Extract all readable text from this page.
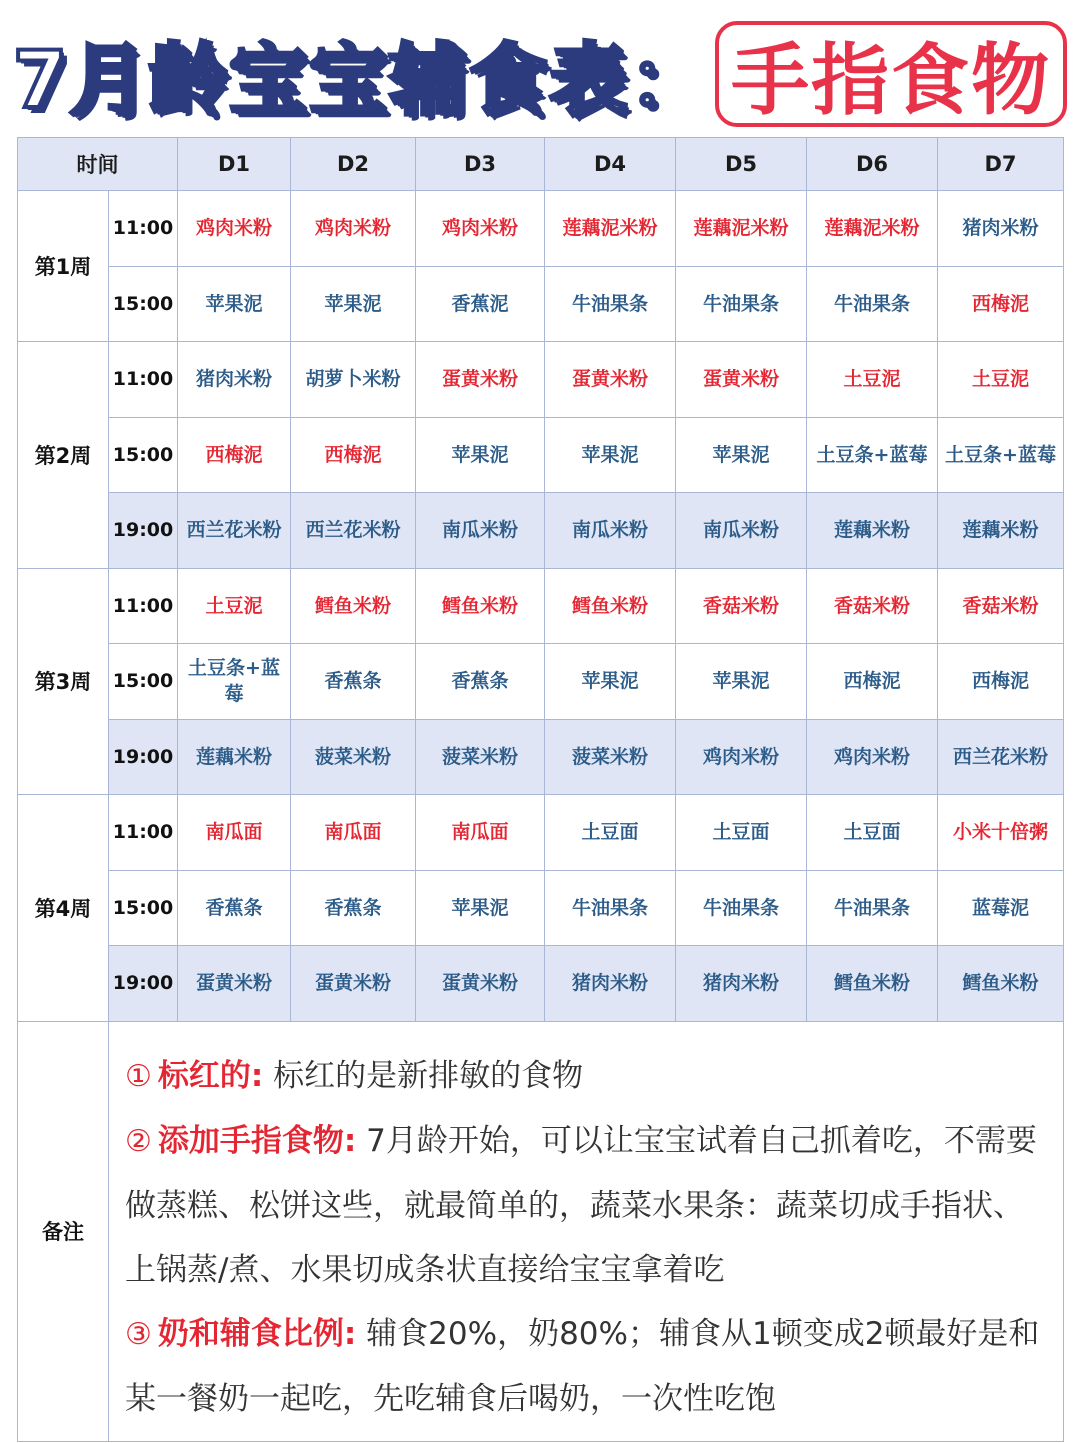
7月龄宝宝辅食表： 手指食物
时间		D1	D2	D3	D4	D5	D6	D7
第1周	11:00	鸡肉米粉	鸡肉米粉	鸡肉米粉	莲藕泥米粉	莲藕泥米粉	莲藕泥米粉	猪肉米粉
	15:00	苹果泥	苹果泥	香蕉泥	牛油果条	牛油果条	牛油果条	西梅泥
第2周	11:00	猪肉米粉	胡萝卜米粉	蛋黄米粉	蛋黄米粉	蛋黄米粉	土豆泥	土豆泥
	15:00	西梅泥	西梅泥	苹果泥	苹果泥	苹果泥	土豆条+蓝莓	土豆条+蓝莓
	19:00	西兰花米粉	西兰花米粉	南瓜米粉	南瓜米粉	南瓜米粉	莲藕米粉	莲藕米粉
第3周	11:00	土豆泥	鳕鱼米粉	鳕鱼米粉	鳕鱼米粉	香菇米粉	香菇米粉	香菇米粉
	15:00	土豆条+蓝莓	香蕉条	香蕉条	苹果泥	苹果泥	西梅泥	西梅泥
	19:00	莲藕米粉	菠菜米粉	菠菜米粉	菠菜米粉	鸡肉米粉	鸡肉米粉	西兰花米粉
第4周	11:00	南瓜面	南瓜面	南瓜面	土豆面	土豆面	土豆面	小米十倍粥
	15:00	香蕉条	香蕉条	苹果泥	牛油果条	牛油果条	牛油果条	蓝莓泥
	19:00	蛋黄米粉	蛋黄米粉	蛋黄米粉	猪肉米粉	猪肉米粉	鳕鱼米粉	鳕鱼米粉
备注	① 标红的: 标红的是新排敏的食物
② 添加手指食物: 7月龄开始，可以让宝宝试着自己抓着吃，不需要做蒸糕、松饼这些，就最简单的，蔬菜水果条：蔬菜切成手指状、上锅蒸/煮、水果切成条状直接给宝宝拿着吃
③ 奶和辅食比例: 辅食20%，奶80%；辅食从1顿变成2顿最好是和某一餐奶一起吃，先吃辅食后喝奶，一次性吃饱							
